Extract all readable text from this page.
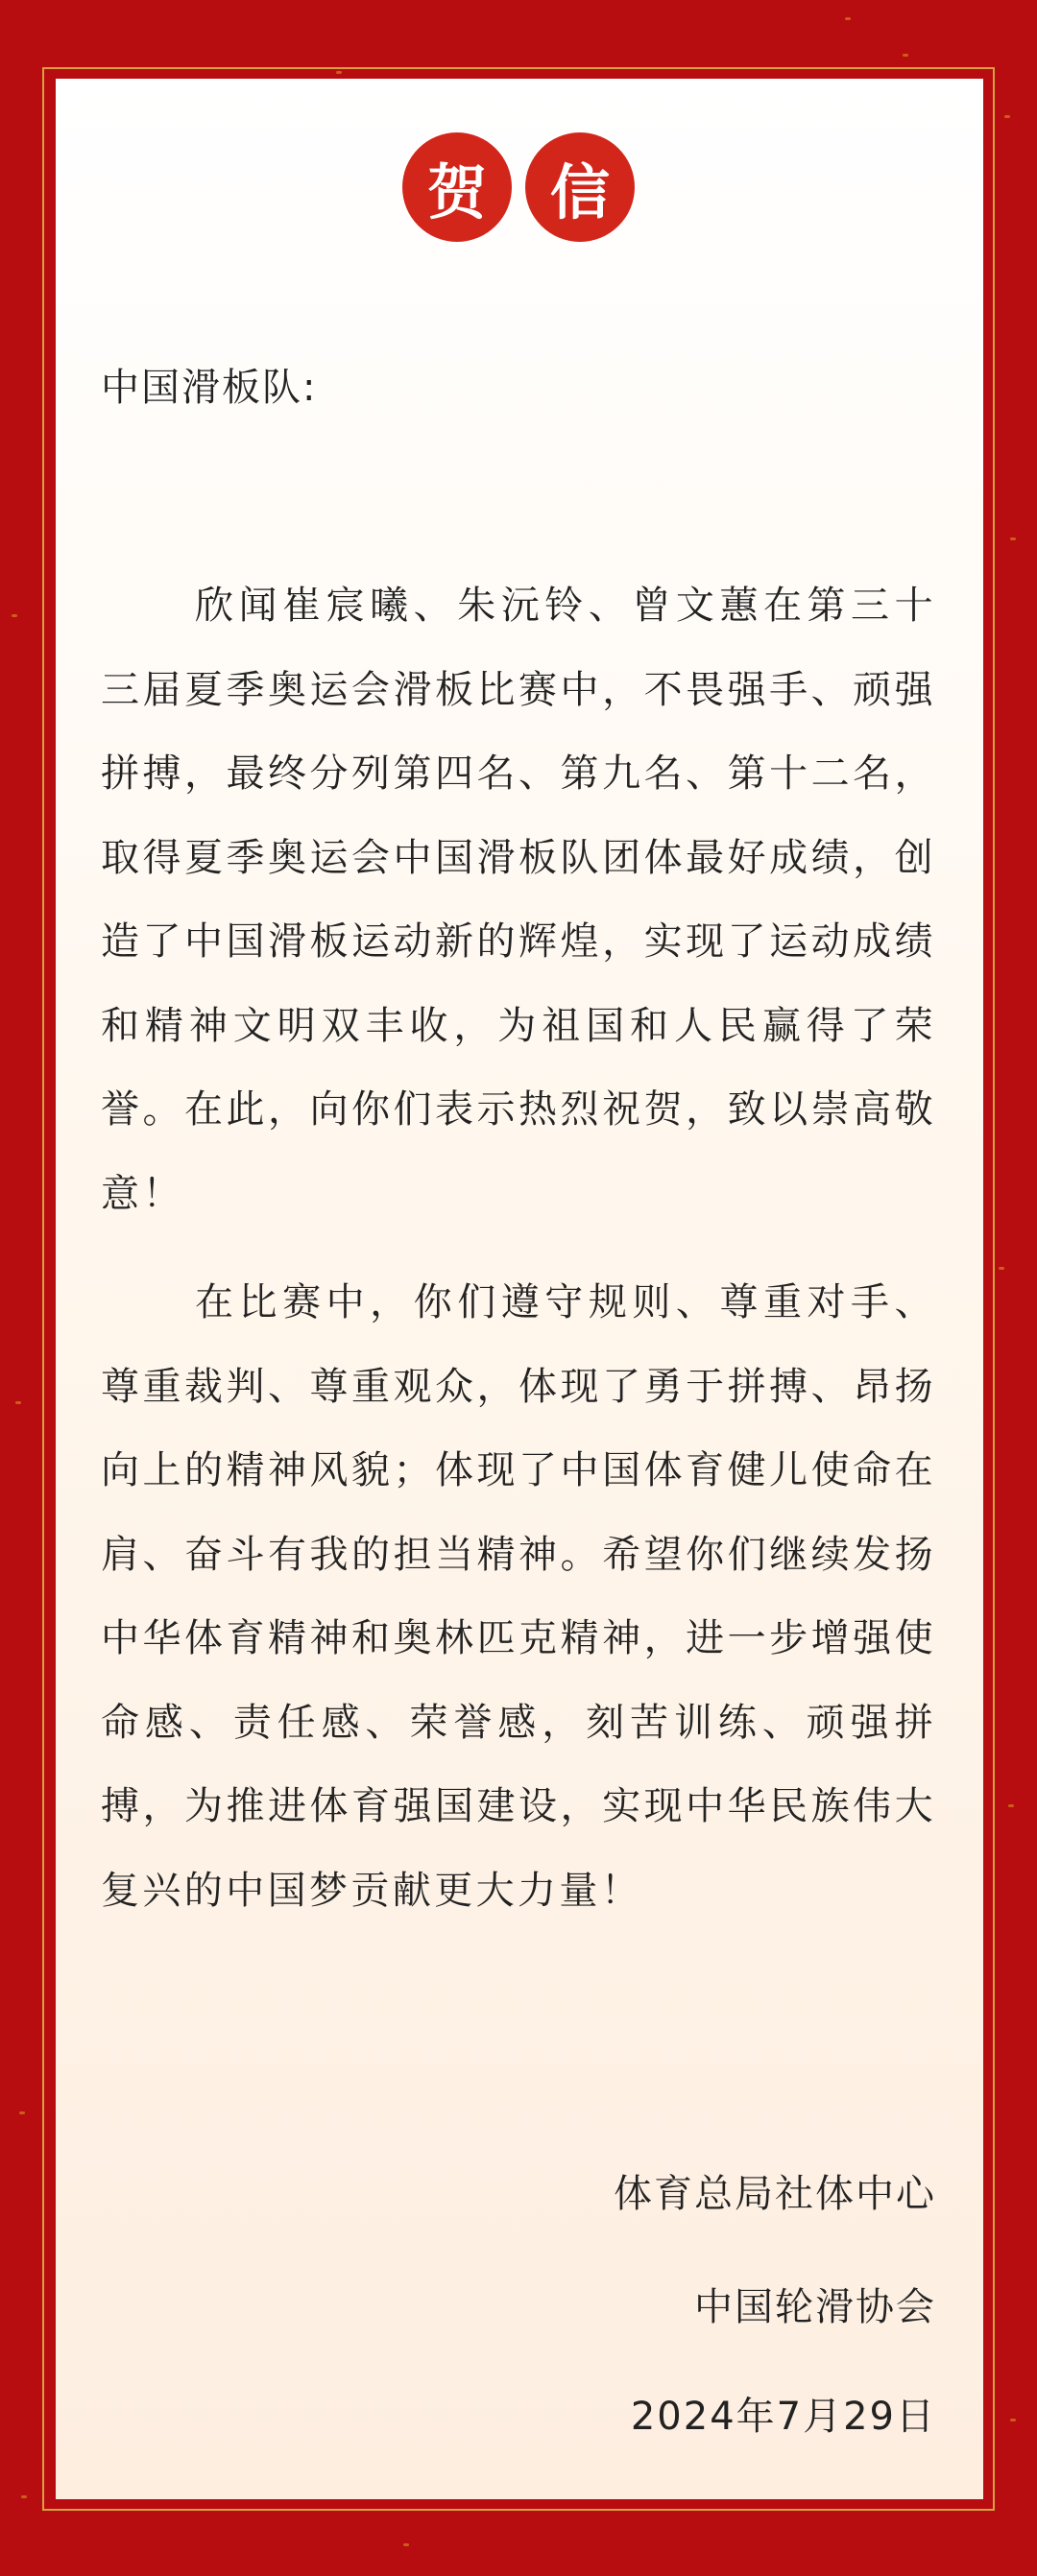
贺	信
中国滑板队:
欣闻崔宸曦、朱沅铃、曾文蕙在第三十三届夏季奥运会滑板比赛中，不畏强手、顽强拼搏，最终分列第四名、第九名、第十二名，取得夏季奥运会中国滑板队团体最好成绩，创造了中国滑板运动新的辉煌，实现了运动成绩和精神文明双丰收，为祖国和人民赢得了荣誉。在此，向你们表示热烈祝贺，致以崇高敬意！
在比赛中，你们遵守规则、尊重对手、尊重裁判、尊重观众，体现了勇于拼搏、昂扬向上的精神风貌；体现了中国体育健儿使命在肩、奋斗有我的担当精神。希望你们继续发扬中华体育精神和奥林匹克精神，进一步增强使命感、责任感、荣誉感，刻苦训练、顽强拼搏，为推进体育强国建设，实现中华民族伟大复兴的中国梦贡献更大力量！
体育总局社体中心
中国轮滑协会
2024年7月29日
